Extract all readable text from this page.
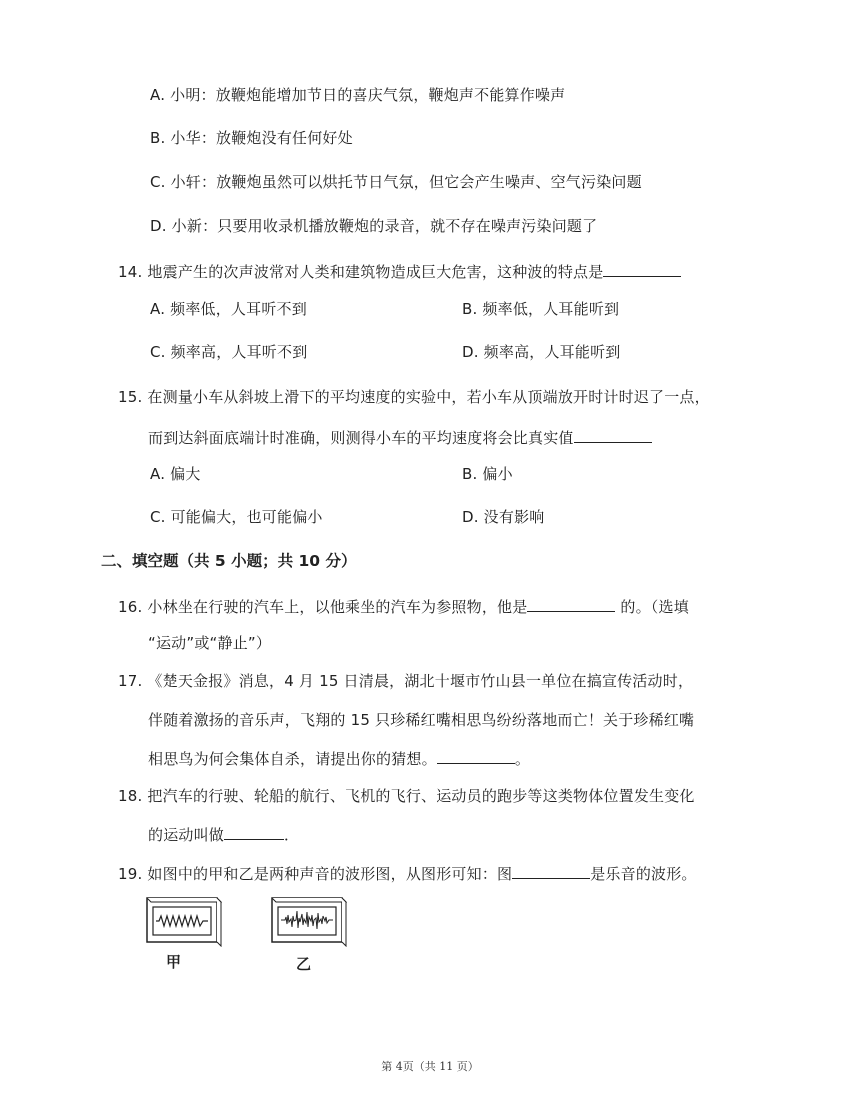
A. 小明：放鞭炮能增加节日的喜庆气氛，鞭炮声不能算作噪声
B. 小华：放鞭炮没有任何好处
C. 小轩：放鞭炮虽然可以烘托节日气氛，但它会产生噪声、空气污染问题
D. 小新：只要用收录机播放鞭炮的录音，就不存在噪声污染问题了
14. 地震产生的次声波常对人类和建筑物造成巨大危害，这种波的特点是
A. 频率低，人耳听不到	B. 频率低，人耳能听到
C. 频率高，人耳听不到	D. 频率高，人耳能听到
15. 在测量小车从斜坡上滑下的平均速度的实验中，若小车从顶端放开时计时迟了一点，
而到达斜面底端计时准确，则测得小车的平均速度将会比真实值
A. 偏大	B. 偏小
C. 可能偏大，也可能偏小	D. 没有影响
二、填空题（共 5 小题；共 10 分）
16. 小林坐在行驶的汽车上，以他乘坐的汽车为参照物，他是	的。（选填
“运动”或“静止”）
17. 《楚天金报》消息，4 月 15 日清晨，湖北十堰市竹山县一单位在搞宣传活动时，
伴随着激扬的音乐声，飞翔的 15 只珍稀红嘴相思鸟纷纷落地而亡！关于珍稀红嘴
相思鸟为何会集体自杀，请提出你的猜想。	。
18. 把汽车的行驶、轮船的航行、飞机的飞行、运动员的跑步等这类物体位置发生变化
的运动叫做	．
19. 如图中的甲和乙是两种声音的波形图，从图形可知：图	是乐音的波形。
甲	乙
第 4页（共 11 页）
